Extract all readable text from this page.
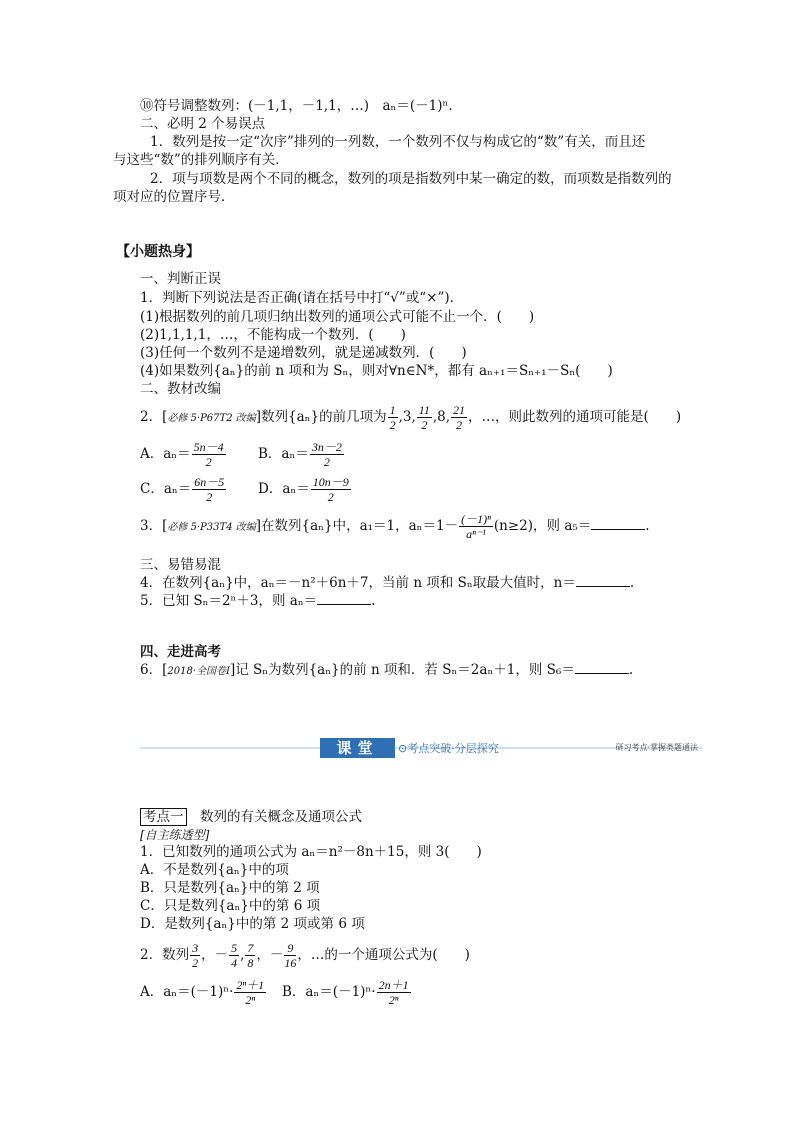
⑩符号调整数列：(－1,1，－1,1，…)　aₙ＝(－1)ⁿ.
二、必明 2 个易误点
1．数列是按一定“次序”排列的一列数，一个数列不仅与构成它的“数”有关，而且还
与这些“数”的排列顺序有关．
2．项与项数是两个不同的概念，数列的项是指数列中某一确定的数，而项数是指数列的
项对应的位置序号．
【小题热身】
一、判断正误
1．判断下列说法是否正确(请在括号中打“√”或“×”)．
(1)根据数列的前几项归纳出数列的通项公式可能不止一个．(　　)
(2)1,1,1,1，…，不能构成一个数列．(　　)
(3)任何一个数列不是递增数列，就是递减数列．(　　)
(4)如果数列{aₙ}的前 n 项和为 Sₙ，则对∀n∈N*，都有 aₙ₊₁＝Sₙ₊₁－Sₙ(　　)
二、教材改编
2．[必修 5·P67T2 改编]数列{aₙ}的前几项为 $\frac{1}{2} ,3$, $\frac{11}{2} ,8$, $\frac{21}{2}$ ，…，则此数列的通项可能是(　　)
A．$a_n= \frac{5n-4}{2}$ B．$a_n= \frac{3n-2}{2}$
C．$a_n= \frac{6n-5}{2}$ D．$a_n= \frac{10n-9}{2}$
3．[必修 5·P33T4 改编]在数列{aₙ}中，a₁＝1，$a_n=1- \frac{\text{(－1)ⁿ}}{\text{aⁿ⁻¹}} (n\ge 2)$，则 a₅＝	.
三、易错易混
4．在数列{aₙ}中，aₙ＝－n²＋6n＋7，当前 n 项和 Sₙ取最大值时，n＝	.
5．已知 Sₙ＝2ⁿ＋3，则 aₙ＝	.
四、走进高考
6．[2018·全国卷Ⅰ]记 Sₙ为数列{aₙ}的前 n 项和．若 Sₙ＝2aₙ＋1，则 S₆＝	.
课堂	⊙考点突破·分层探究	研习考点·掌握类题通法
考点一　 数列的有关概念及通项公式
[自主练透型]
1．已知数列的通项公式为 aₙ＝n²－8n＋15，则 3(　　)
A．不是数列{aₙ}中的项
B．只是数列{aₙ}中的第 2 项
C．只是数列{aₙ}中的第 6 项
D．是数列{aₙ}中的第 2 项或第 6 项
2．数列 $\frac{3}{2}$ ，－ $\frac{5}{4}$ , $\frac{7}{8}$ ，－ $\frac{9}{16}$ ，…的一个通项公式为(　　)
A．$a_n=(-1)^n\cdot \frac{\text{2ⁿ＋1}}{\text{2ⁿ}}$ B．$a_n=(-1)^n\cdot \frac{2n+1}{\text{2ⁿ}}$
